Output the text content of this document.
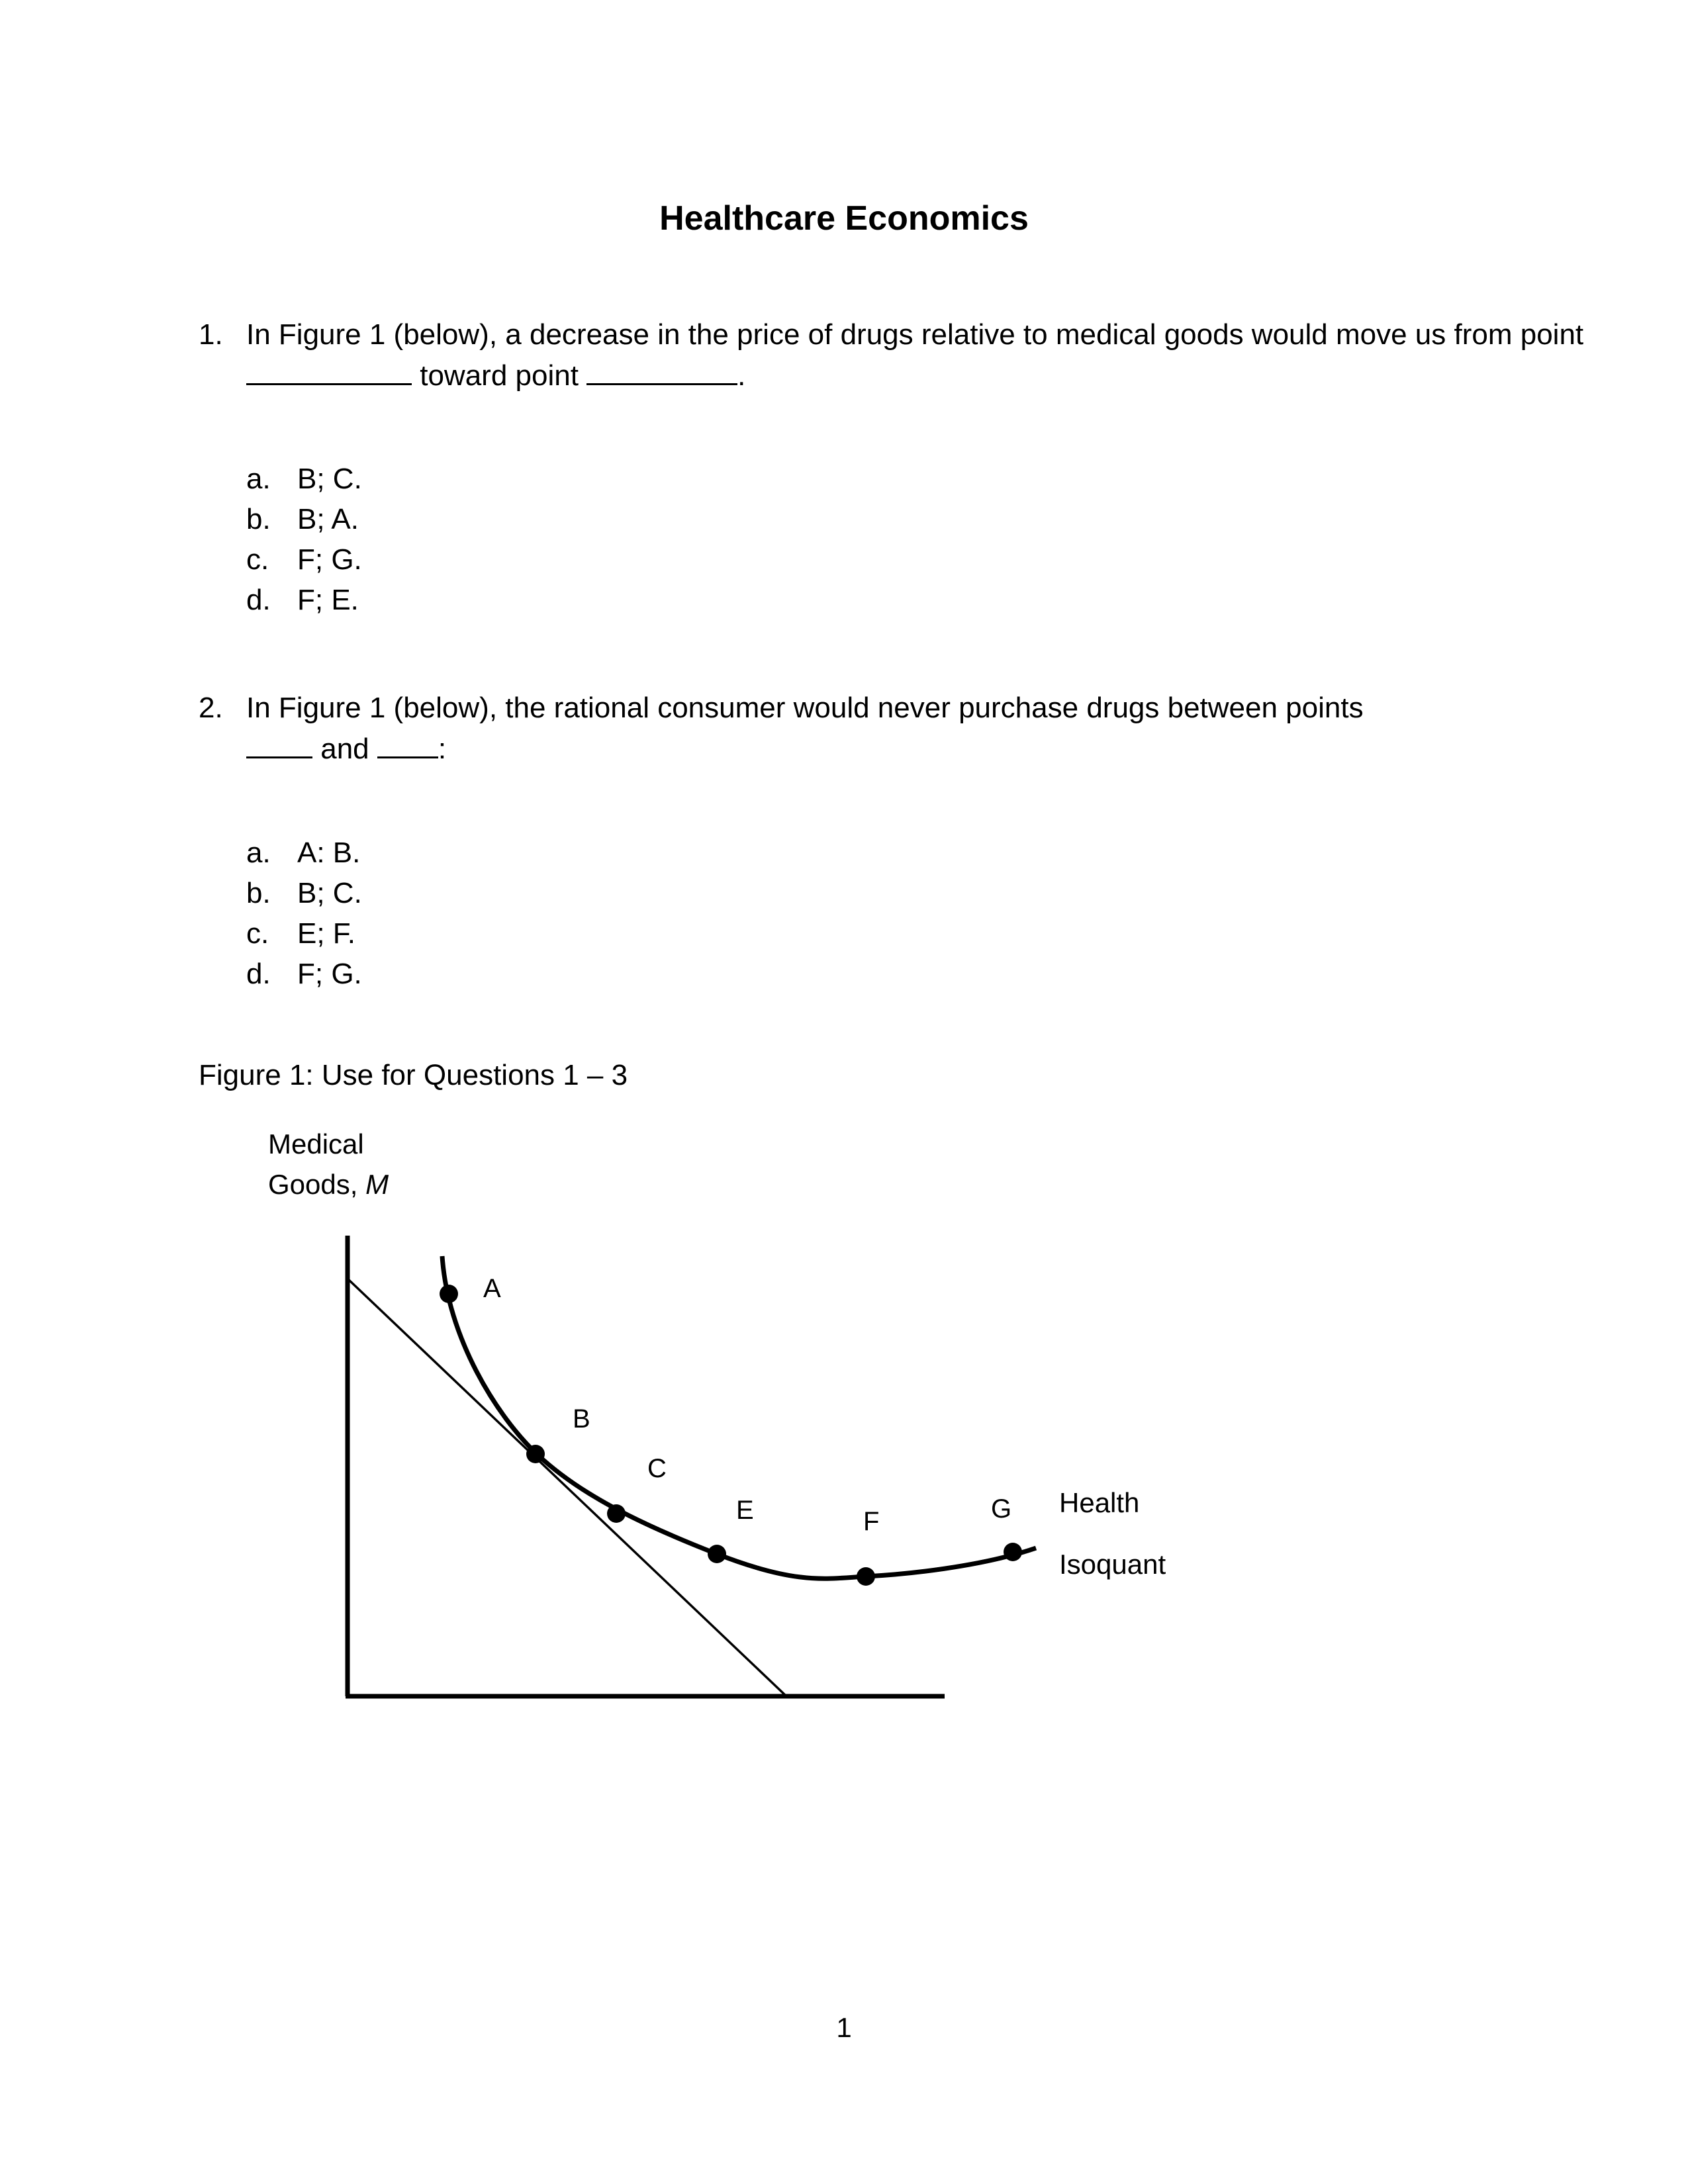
Healthcare Economics
1. In Figure 1 (below), a decrease in the price of drugs relative to medical goods would move us from point  toward point	.
a. B; C.
b. B; A.
c. F; G.
d. F; E.
2. In Figure 1 (below), the rational consumer would never purchase drugs between points
and :
a. A: B.
b. B; C.
c. E; F.
d. F; G.
Figure 1: Use for Questions 1 – 3
Medical
Goods, M
A
B
C
E	F	G Health
Isoquant
1
